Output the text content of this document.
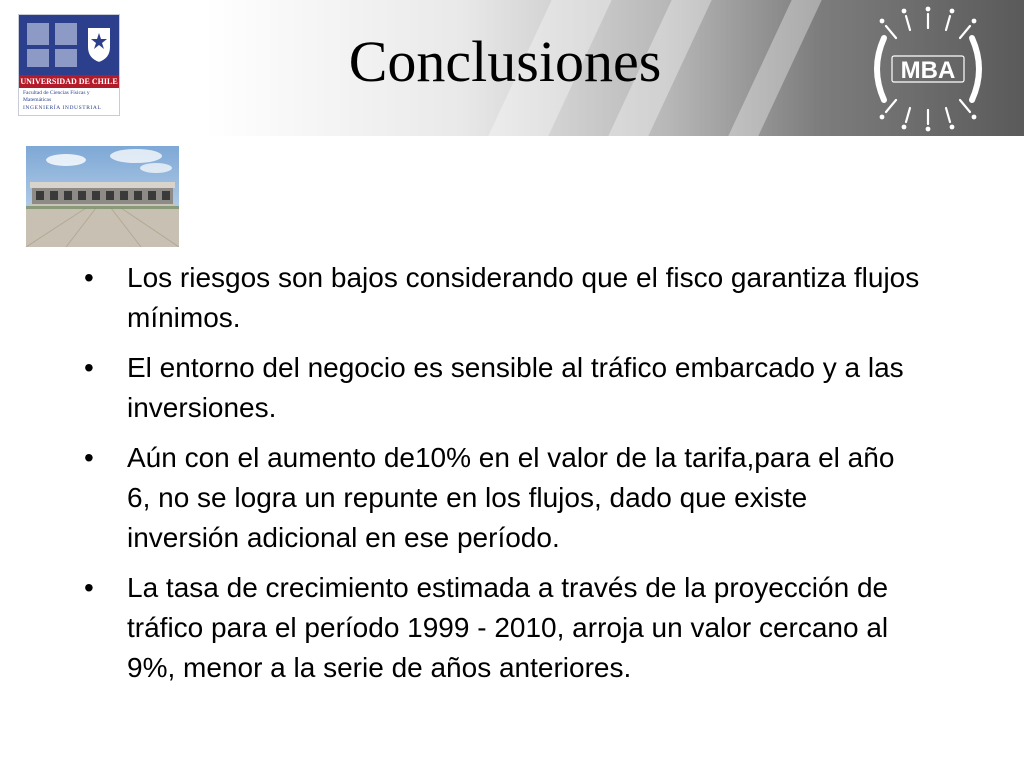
UNIVERSIDAD DE CHILE
Facultad de Ciencias Físicas y Matemáticas
INGENIERÍA INDUSTRIAL
Conclusiones	MBA
• Los riesgos son bajos considerando que el fisco garantiza flujos mínimos.
• El entorno del negocio es sensible al tráfico embarcado y a las inversiones.
• Aún con el aumento de10% en el valor de la tarifa,para el año 6, no se logra un repunte en los flujos, dado que existe inversión adicional en ese período.
• La tasa de crecimiento estimada a través de la proyección de tráfico para el período 1999 - 2010, arroja un valor cercano al 9%, menor a la serie de años anteriores.
